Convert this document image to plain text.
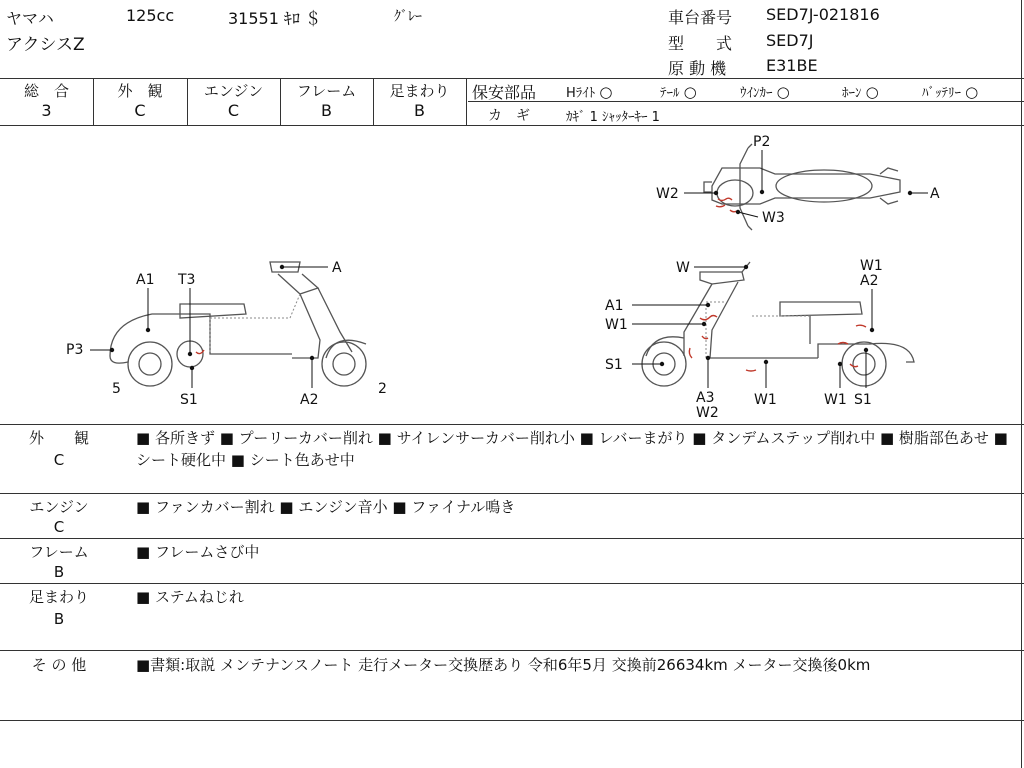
ヤマハ	125cc	31551 ｷﾛ ＄	ｸﾞﾚｰ
アクシスZ
車台番号 SED7J-021816
型　　式 SED7J
原 動 機 E31BE
総　合
3
外　観
C
エンジン
C
フレーム
B
足まわり
B
保安部品 Hﾗｲﾄ ○	ﾃｰﾙ ○	ｳｲﾝｶｰ ○	ﾎｰﾝ ○	ﾊﾞｯﾃﾘｰ ○
カ　ギ	ｶｷﾞ 1 ｼｬｯﾀｰｷｰ 1
P2
W2
W3
A
A1 T3
A
P3
5
S1	A2
2
W	W1
A2
A1
W1
S1
A3
W2
W1	W1 S1
外　　観
C
■ 各所きず ■ プーリーカバー削れ ■ サイレンサーカバー削れ小 ■ レバーまがり ■ タンデムステップ削れ中 ■ 樹脂部色あせ ■ シート硬化中 ■ シート色あせ中
エンジン
C
■ ファンカバー割れ ■ エンジン音小 ■ ファイナル鳴き
フレーム
B
■ フレームさび中
足まわり
B
■ ステムねじれ
そ の 他	■書類:取説 メンテナンスノート 走行メーター交換歴あり 令和6年5月 交換前26634km メーター交換後0km
